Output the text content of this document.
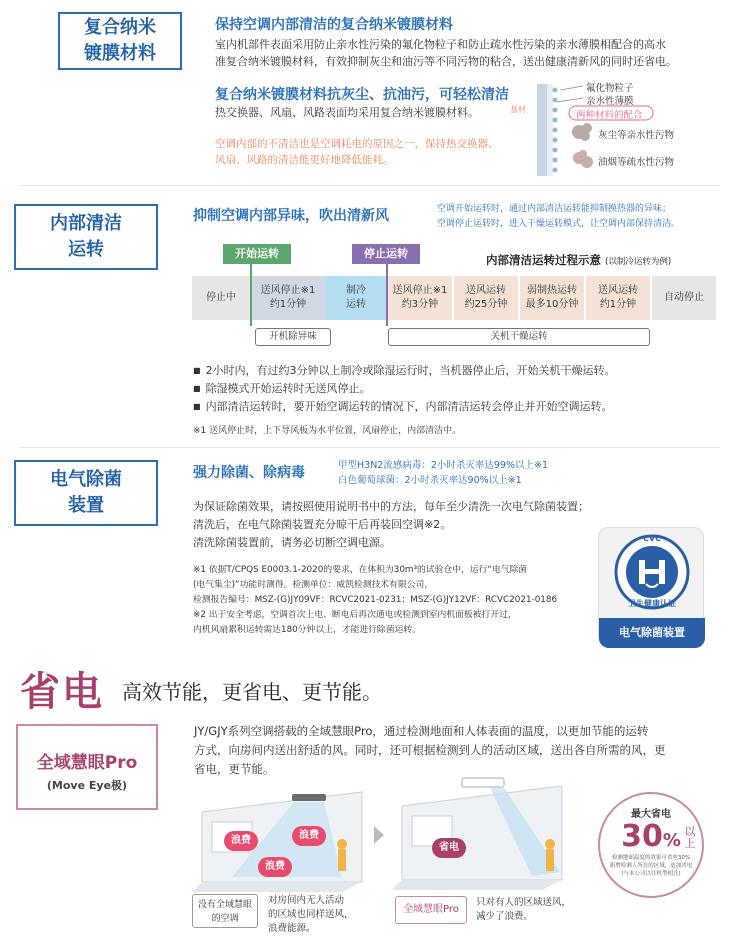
复合纳米
镀膜材料
保持空调内部清洁的复合纳米镀膜材料
室内机部件表面采用防止亲水性污染的氟化物粒子和防止疏水性污染的亲水薄膜相配合的高水
准复合纳米镀膜材料，有效抑制灰尘和油污等不同污物的粘合，送出健康清新风的同时还省电。
复合纳米镀膜材料抗灰尘、抗油污，可轻松清洁
热交换器、风扇、风路表面均采用复合纳米镀膜材料。
空调内部的不清洁也是空调耗电的原因之一，保持热交换器、
风扇、风路的清洁能更好地降低能耗。
基材
氟化物粒子
亲水性薄膜
两种材料的配合
灰尘等亲水性污物
油烟等疏水性污物
内部清洁
运转
抑制空调内部异味，吹出清新风	空调开始运转时，通过内部清洁运转能抑制换热器的异味；
空调停止运转时，进入干燥运转模式，让空调内部保持清洁。
开始运转	停止运转	内部清洁运转过程示意 (以制冷运转为例)
停止中
送风停止※1
约1分钟
制冷
运转
送风停止※1
约3分钟
送风运转
约25分钟
弱制热运转
最多10分钟
送风运转
约1分钟
自动停止
开机除异味	关机干燥运转
■ 2小时内，有过约3分钟以上制冷或除湿运行时，当机器停止后，开始关机干燥运转。
■ 除湿模式开始运转时无送风停止。
■ 内部清洁运转时，要开始空调运转的情况下，内部清洁运转会停止并开始空调运转。
※1 送风停止时，上下导风板为水平位置，风扇停止，内部清洁中。
电气除菌
装置
强力除菌、除病毒	甲型H3N2流感病毒：2小时杀灭率达99%以上※1
白色葡萄球菌：2小时杀灭率达90%以上※1
为保证除菌效果，请按照使用说明书中的方法，每年至少清洗一次电气除菌装置；
清洗后，在电气除菌装置充分晾干后再装回空调※2。
清洗除菌装置前，请务必切断空调电源。
※1 依据T/CPQS E0003.1-2020的要求，在体积为30m³的试验仓中，运行“电气除菌
(电气集尘)”功能时测得。检测单位：威凯检测技术有限公司，
检测报告编号：MSZ-(G)JY09VF：RCVC2021-0231；MSZ-(G)JY12VF：RCVC2021-0186
※2 出于安全考虑，空调首次上电、断电后再次通电或检测到室内机面板被打开过，
内机风扇累积运转需达180分钟以上，才能进行除菌运转。
CVC
卫生健康认证
电气除菌装置
省电 高效节能，更省电、更节能。
全域慧眼Pro
(Move Eye极)
JY/GJY系列空调搭载的全域慧眼Pro，通过检测地面和人体表面的温度，以更加节能的运转
方式，向房间内送出舒适的风。同时，还可根据检测到人的活动区域，送出各自所需的风，更
省电，更节能。
浪费	浪费
浪费
省电
没有全域慧眼
的空调
对房间内无人活动
的区域也同样送风，
浪费能源。
全域慧眼Pro
只对有人的区域送风，
减少了浪费。
最大省电
30% 以上
检测地面温度的效果可省电30%
新增检测人所在的区域，更加省电
(与本公司以往机型相比)
